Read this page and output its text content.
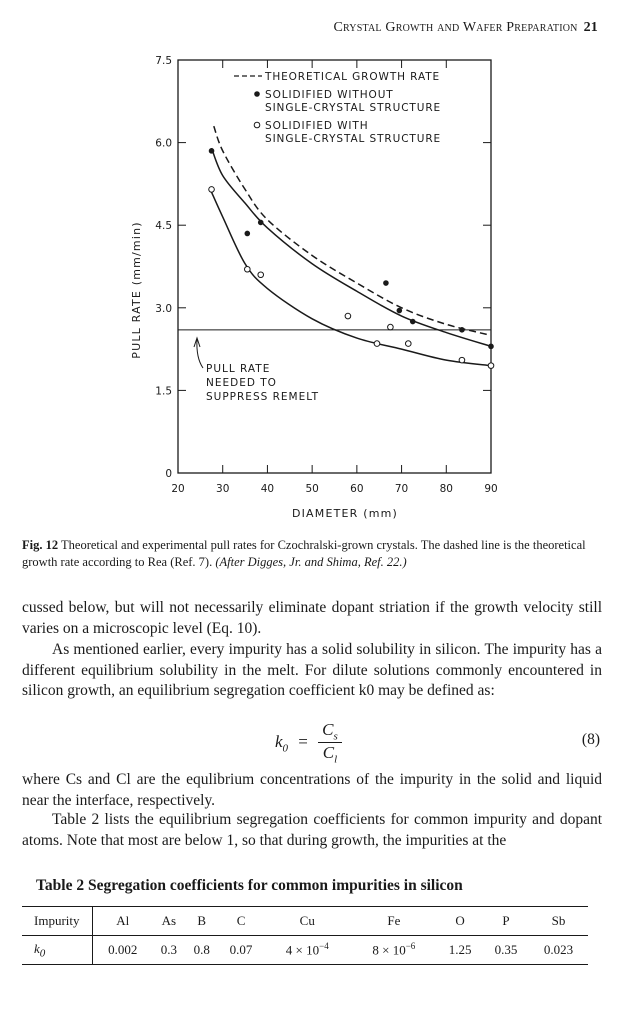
Crystal Growth and Wafer Preparation 21
0
1.5
3.0
4.5
6.0
7.5
20	30	40	50	60	70	80	90
PULL RATE
NEEDED TO
SUPPRESS REMELT
THEORETICAL GROWTH RATE
SOLIDIFIED WITHOUT
SINGLE-CRYSTAL STRUCTURE
SOLIDIFIED WITH
SINGLE-CRYSTAL STRUCTURE
DIAMETER (mm)
PULL RATE (mm/min)
Fig. 12 Theoretical and experimental pull rates for Czochralski-grown crystals. The dashed line is the theoretical growth rate according to Rea (Ref. 7). (After Digges, Jr. and Shima, Ref. 22.)
cussed below, but will not necessarily eliminate dopant striation if the growth velocity still varies on a microscopic level (Eq. 10).
As mentioned earlier, every impurity has a solid solubility in silicon. The impurity has a different equilibrium solubility in the melt. For dilute solutions commonly encountered in silicon growth, an equilibrium segregation coefficient k0 may be defined as:
$k_0 = \frac{C_s}{C_l}$	(8)
where Cs and Cl are the equlibrium concentrations of the impurity in the solid and liquid near the interface, respectively.
Table 2 lists the equilibrium segregation coefficients for common impurity and dopant atoms. Note that most are below 1, so that during growth, the impurities at the
Table 2 Segregation coefficients for common impurities in silicon
Impurity	Al	As	B	C	Cu	Fe	O	P	Sb
$k_0$	0.002	0.3	0.8	0.07	$4 \times 10^{-4}$	$8 \times 10^{-6}$	1.25	0.35	0.023
